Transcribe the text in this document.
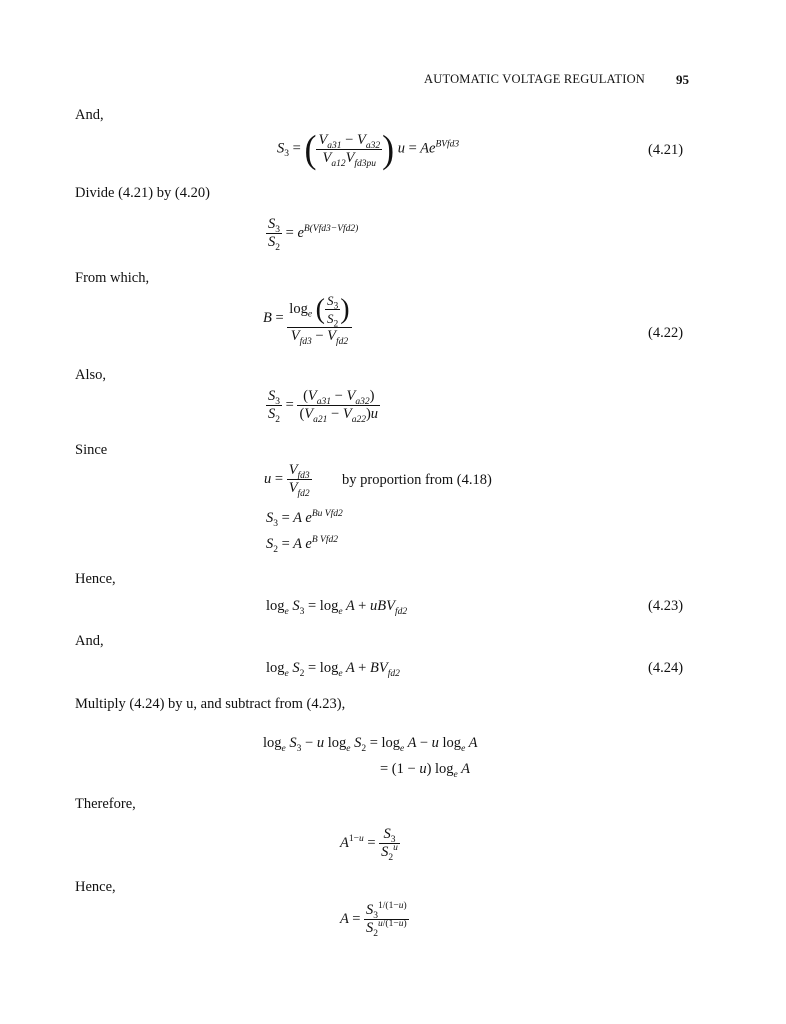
AUTOMATIC VOLTAGE REGULATION 95
And,
$S_3$ = ( $\frac{V_{a31} - V_{a32}}{V_{a12}V_{fd3pu}}$ ) $u = Ae^{BVfd3}$	(4.21)
Divide (4.21) by (4.20)
$\frac{S_3}{S_2} = e^{B(Vfd3-Vfd2)}$
From which,
$B = \frac{\log_e ( \frac{S_3}{S_2} )}{V_{fd3} - V_{fd2}}$	(4.22)
Also,
$\frac{S_3}{S_2} = \frac{(V_{a31} - V_{a32})}{(V_{a21} - V_{a22})u}$
Since
$u = \frac{V_{fd3}}{V_{fd2}}$ by proportion from (4.18)
$S_3 = A$ $e^{Bu Vfd2}$
$S_2 = A$ $e^{B Vfd2}$
Hence,
$\log_e S_3 = \log_e A + uBV_{fd2}$	(4.23)
And,
$\log_e S_2 = \log_e A + BV_{fd2}$	(4.24)
Multiply (4.24) by u, and subtract from (4.23),
$\log_e S_3 - u$ $\log_e S_2 = \log_e A - u$ $\log_e A$
= (1 − u) $\log_e A$
Therefore,
$A^{1-u} = \frac{S_3}{S_2^u}$
Hence,
$A = \frac{S_3^{1/(1-u)}}{S_2^{u/(1-u)}}$
